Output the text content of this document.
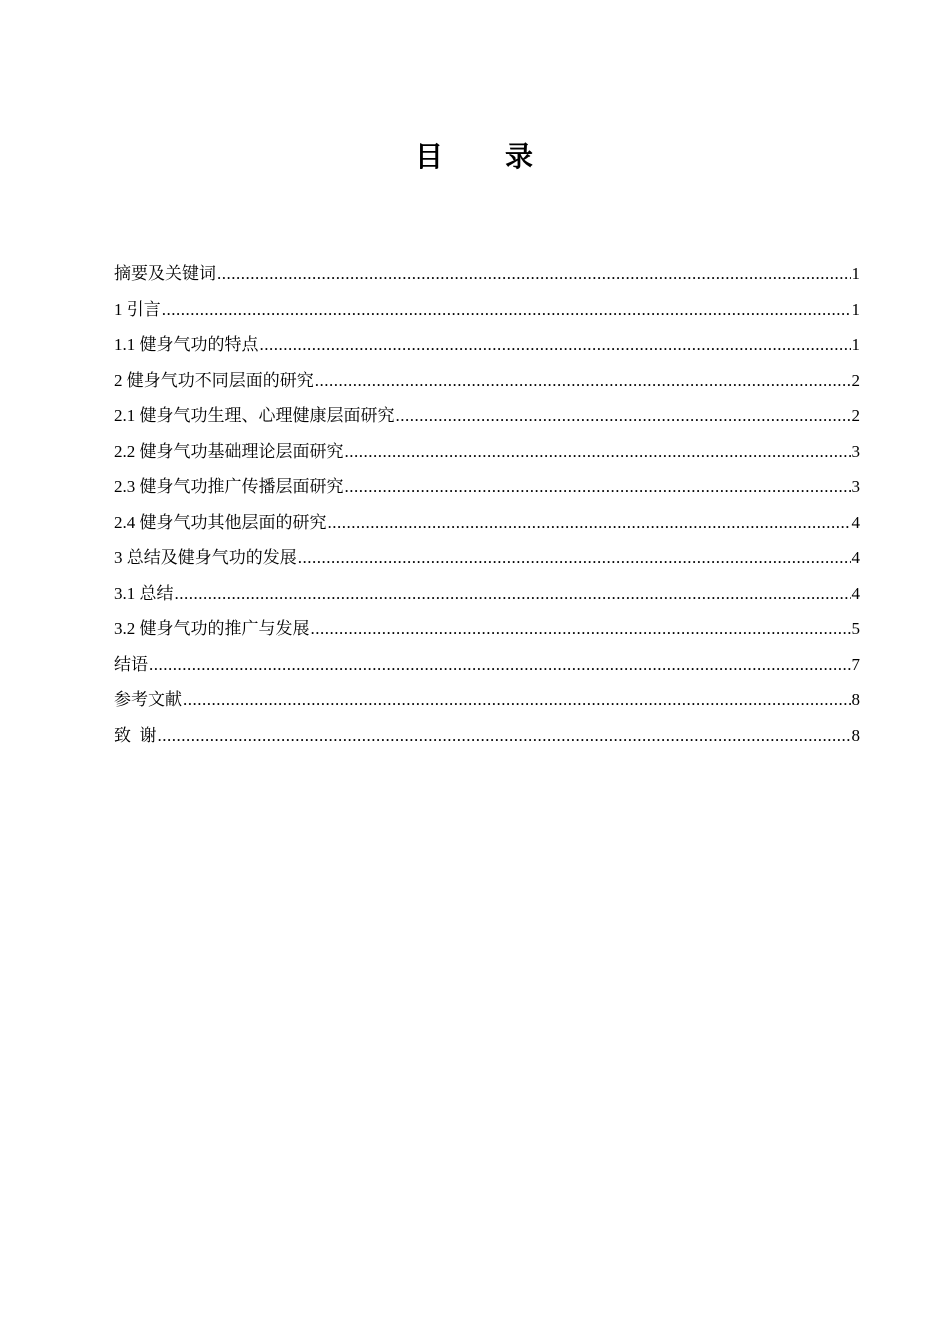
目　　录
摘要及关键词 .....	1
1 引言 .....	1
1.1 健身气功的特点 .....	1
2 健身气功不同层面的研究 .....	2
2.1 健身气功生理、心理健康层面研究 .....	2
2.2 健身气功基础理论层面研究 .....	3
2.3 健身气功推广传播层面研究 .....	3
2.4 健身气功其他层面的研究 .....	4
3 总结及健身气功的发展 .....	4
3.1 总结 .....	4
3.2 健身气功的推广与发展 .....	5
结语 .....	7
参考文献 .....	8
致  谢 .....	8
